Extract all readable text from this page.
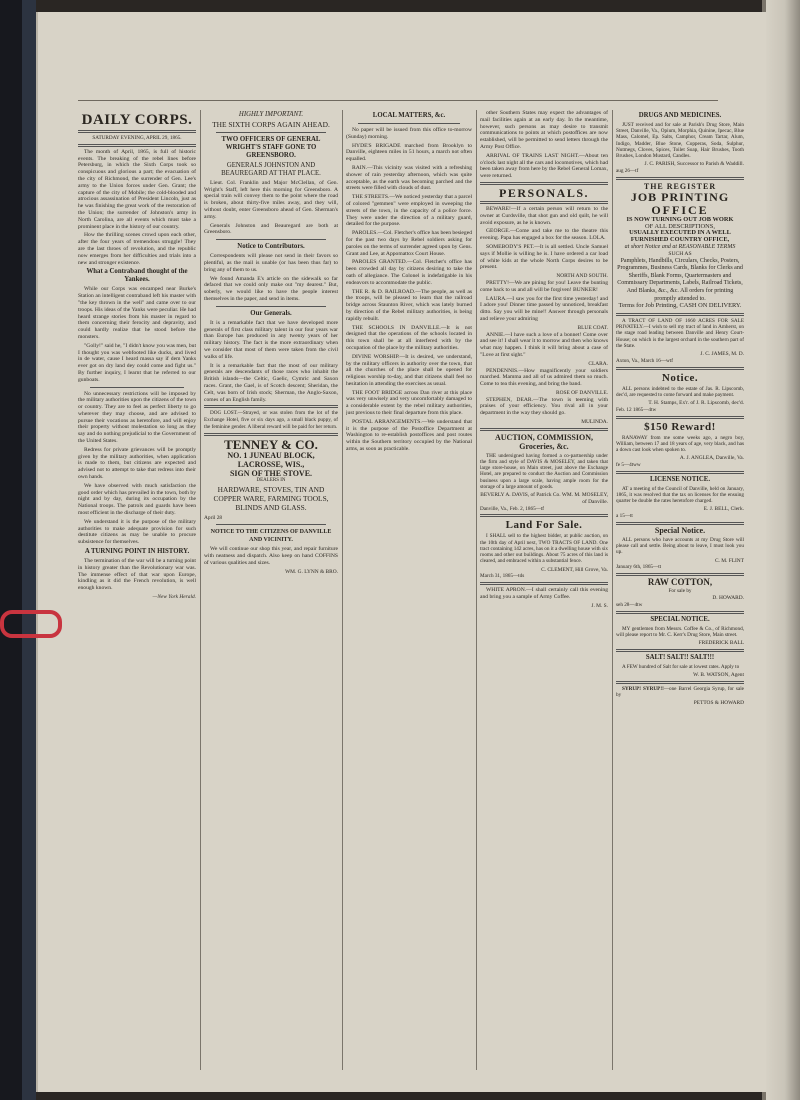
DAILY CORPS.
SATURDAY EVENING, APRIL 29, 1865.

The month of April, 1865, is full of historic events. The breaking of the rebel lines before Petersburg, in which the Sixth Corps took so conspicuous and glorious a part; the evacuation of the city of Richmond, the surrender of Gen. Lee's army to the Union forces under Gen. Grant; the capture of the city of Mobile; the cold-blooded and atrocious assassination of President Lincoln, just as he was finishing the great work of the restoration of the Union; the surrender of Johnston's army in North Carolina, are all events which must take a prominent place in the history of our country.

How the thrilling scenes crowd upon each other, after the four years of tremendous struggle! They are the last throes of revolution, and the republic now emerges from her difficulties and trials into a new and stronger existence.

What a Contraband thought of the Yankees.

While our Corps was encamped near Burke's Station an intelligent contraband left his master with "the key thrown in the well" and came over to our troops. His ideas of the Yanks were peculiar. He had heard strange stories from his master in regard to them concerning their ferocity and depravity, and could hardly realize that he stood before the monsters.

"Golly!" said he, "I didn't know you was men, but I thought you was webfooted like ducks, and lived in de water, cause I heard massa say if dem Yanks ever got on dry land dey could come and fight us." By further inquiry, I learnt that he referred to our gunboats.

No unnecessary restrictions will be imposed by the military authorities upon the citizens of the town or country. They are to feel as perfect liberty to go wherever they may choose, and are advised to pursue their vocations as heretofore, and will enjoy their property without molestation so long as they say and do nothing prejudicial to the Government of the United States.

Redress for private grievances will be promptly given by the military authorities, when application is made to them, but citizens are expected and advised not to attempt to take that redress into their own hands.

We have observed with much satisfaction the good order which has prevailed in the town, both by night and by day, during its occupation by the National troops. The patrols and guards have been most efficient in the discharge of their duty.

We understand it is the purpose of the military authorities to make adequate provision for such destitute citizens as may be unable to procure subsistence for themselves.

A TURNING POINT IN HISTORY.

The termination of the war will be a turning point in history greater than the Revolutionary war was. The immense effect of that war upon Europe, kindling as it did the French revolution, is well enough known.

—New York Herald.
HIGHLY IMPORTANT.
THE SIXTH CORPS AGAIN AHEAD.
TWO OFFICERS OF GENERAL WRIGHT'S STAFF GONE TO GREENSBORO.
GENERALS JOHNSTON AND BEAUREGARD AT THAT PLACE.

Lieut. Col. Franklin and Major McClellan, of Gen. Wright's Staff, left here this morning for Greensboro. A special train will convey them to the point where the road is broken, about thirty-five miles away, and they will, without doubt, enter Greensboro ahead of Gen. Sherman's army.

Generals Johnston and Beauregard are both at Greensboro.

Notice to Contributors.

Correspondents will please not send in their favors so plentiful, as the mail is unable (or has been thus far) to bring any of them to us.

We found Amanda E's article on the sidewalk so far defaced that we could only make out "my dearest." But, soberly, we would like to have the people interest themselves in the paper, and send in items.

Our Generals.

It is a remarkable fact that we have developed more generals of first class military talent in our four years war than Europe has produced in any twenty years of her military history. The fact is the more extraordinary when we consider that most of them were taken from the civil walks of life.

It is a remarkable fact that the most of our military generals are descendants of those races who inhabit the British islands—the Celtic, Gaelic, Cymric and Saxon races. Grant, the Gael, is of Scotch descent; Sheridan, the Celt, was born of Irish stock; Sherman, the Anglo-Saxon, comes of an English family.

DOG LOST.—Strayed, or was stolen from the lot of the Exchange Hotel, five or six days ago, a small black puppy, of the feminine gender. A liberal reward will be paid for her return.

TENNEY & CO.
NO. 1 JUNEAU BLOCK,
LACROSSE, WIS.,
SIGN OF THE STOVE.
DEALERS IN
HARDWARE, STOVES, TIN AND COPPER WARE, FARMING TOOLS, BLINDS AND GLASS.
April 28
NOTICE TO THE CITIZENS OF DANVILLE AND VICINITY.

We will continue our shop this year, and repair furniture with neatness and dispatch. Also keep on hand COFFINS of various qualities and sizes.

WM. G. LYNN & BRO.
LOCAL MATTERS, &c.

No paper will be issued from this office to-morrow (Sunday) morning.

HYDE'S BRIGADE marched from Brooklyn to Danville, eighteen miles in 51 hours, a march not often equalled.

RAIN.—This vicinity was visited with a refreshing shower of rain yesterday afternoon, which was quite acceptable, as the earth was becoming parched and the streets were filled with clouds of dust.

THE STREETS.—We noticed yesterday that a parcel of colored "gemmen" were employed in sweeping the streets of the town, in the capacity of a police force. They were under the direction of a military guard, detailed for the purpose.

PAROLES.—Col. Fletcher's office has been besieged for the past two days by Rebel soldiers asking for paroles on the terms of surrender agreed upon by Gens. Grant and Lee, at Appomattox Court House.

PAROLES GRANTED.—Col. Fletcher's office has been crowded all day by citizens desiring to take the oath of allegiance. The Colonel is indefatigable in his endeavors to accommodate the public.

THE R. & D. RAILROAD.—The people, as well as the troops, will be pleased to learn that the railroad bridge across Staunton River, which was lately burned by direction of the Rebel military authorities, is being rapidly rebuilt.

THE SCHOOLS IN DANVILLE.—It is not designed that the operations of the schools located in this town shall be at all interfered with by the occupation of the place by the military authorities.

DIVINE WORSHIP.—It is desired, we understand, by the military officers in authority over the town, that all the churches of the place shall be opened for religious worship to-day, and that citizens shall feel no hesitation in attending the exercises as usual.

THE FOOT BRIDGE across Dan river at this place was very unwisely and very uncomfortably damaged to a considerable extent by the rebel military authorities, just previous to their final departure from this place.

POSTAL ARRANGEMENTS.—We understand that it is the purpose of the Postoffice Department at Washington to re-establish postoffices and post routes within the Southern territory occupied by the National arms, as soon as practicable.

other Southern States may expect the advantages of mail facilities again at an early day. In the meantime, however, such persons as may desire to transmit communications to points at which postoffices are now established, will be permitted to send letters through the Army Post Office.

ARRIVAL OF TRAINS LAST NIGHT.—About ten o'clock last night all the cars and locomotives, which had been taken away from here by the Rebel General Lomax, were returned.

PERSONALS.

BEWARE!—If a certain person will return to the owner at Curdsville, that shot gun and old quilt, he will avoid exposure, as he is known.

GEORGE.—Come and take me to the theatre this evening. Papa has engaged a box for the season. LOLA.

SOMEBODY'S PET.—It is all settled. Uncle Samuel says if Mollie is willing he is. I have ordered a car load of white kids at the whole North Corps desires to be present.

NORTH AND SOUTH.

PRETTY!—We are pining for you! Leave the bunting come back to us and all will be forgiven! BUNKER!

LAURA.—I saw you for the first time yesterday! and I adore you! Dinner time passed by unnoticed, breakfast ditto. Say you will be mine!! Answer through personals and relieve your admiring

BLUE COAT.

ANNIE.—I have such a love of a bonnet! Come over and see it! I shall wear it to morrow and then who knows what may happen. I think it will bring about a case of "Love at first sight."

CLARA.

PENDENNIS.—How magnificently your soldiers marched. Mamma and all of us admired them so much. Come to tea this evening, and bring the band.

ROSE OF DANVILLE.

STEPHEN, DEAR.—The town is teeming with praises of your efficiency. You rival all in your department in the way they should go.

MULINDA.
AUCTION, COMMISSION, Groceries, &c.

THE undersigned having formed a co-partnership under the firm and style of DAVIS & MOSELEY, and taken that large store-house, on Main street, just above the Exchange Hotel, are prepared to conduct the Auction and Commission business upon a large scale, having ample room for the storage of a large amount of goods.

BEVERLY A. DAVIS, of Patrick Co. WM. M. MOSELEY, of Danville.
Danville, Va., Feb. 2, 1865—tf
Land For Sale.

I SHALL sell to the highest bidder, at public auction, on the 10th day of April next, TWO TRACTS OF LAND. One tract containing 142 acres, has on it a dwelling house with six rooms and other out buildings. About 75 acres of this land is cleared, and embraced within a substantial fence.

C. CLEMENT, Hill Grove, Va.
March 31, 1865—tds

WHITE APRON.—I shall certainly call this evening and bring you a sample of Army Coffee.

J. M. S.
DRUGS AND MEDICINES.

JUST received and for sale at Parish's Drug Store, Main Street, Danville, Va., Opium, Morphia, Quinine, Ipecac, Blue Mass, Calomel, Ep. Salts, Camphor, Cream Tartar, Alum, Indigo, Madder, Blue Stone, Copperas, Soda, Sulphur, Nutmegs, Cloves, Spices, Toilet Soap, Hair Brushes, Tooth Brushes, London Mustard, Candles.

J. C. PARISH, Successor to Parish & Waddill.
aug 26—tf
THE REGISTER
JOB PRINTING
OFFICE
IS NOW TURNING OUT JOB WORK
OF ALL DESCRIPTIONS,
USUALLY EXECUTED IN A WELL FURNISHED COUNTRY OFFICE,
at short Notice and at REASONABLE TERMS
SUCH AS
Pamphlets, Handbills, Circulars, Checks, Posters, Programmes, Business Cards, Blanks for Clerks and Sheriffs, Blank Forms, Quartermasters and Commissary Departments, Labels, Railroad Tickets, And Blanks, &c., &c. All orders for printing promptly attended to.
Terms for Job Printing, CASH ON DELIVERY.

A TRACT OF LAND OF 1660 ACRES FOR SALE PRIVATELY.—I wish to sell my tract of land in Amherst, on the stage road leading between Danville and Henry Court-House; on which is the largest orchard in the southern part of the State.

J. C. JAMES, M. D.
Axton, Va., March 16—wtf
Notice.

ALL persons indebted to the estate of Jas. R. Lipscomb, dec'd, are requested to come forward and make payment.

T. H. Stamps, Ex'r. of J. R. Lipscomb, dec'd.
Feb. 12 1865—4tw
$150 Reward!

RANAWAY from me some weeks ago, a negro boy, William, between 17 and 18 years of age, very black, and has a down cast look when spoken to.

A. J. ANGLEA, Danville, Va.
fe 5—4tww
LICENSE NOTICE.

AT a meeting of the Council of Danville, held on January, 1865, it was resolved that the tax on licenses for the ensuing quarter be double the rates heretofore charged.

E. J. BELL, Clerk.
a 15—tt
Special Notice.

ALL persons who have accounts at my Drug Store will please call and settle. Being about to leave, I must look you up.

C. M. FLINT
January 6th, 1865—tt
RAW COTTON,
For sale by
D. HOWARD.
seh 28—4tw
SPECIAL NOTICE.

MY gentlemen from Messrs. Coffee & Co., of Richmond, will please report to Mr. C. Kerr's Drug Store, Main street.

FREDERICK BALL
SALT! SALT!! SALT!!!

A FEW hundred of Salt for sale at lowest rates. Apply to

W. B. WATSON, Agent

SYRUP! SYRUP!!—one Barrel Georgia Syrup, for sale by

PETTOS & HOWARD
